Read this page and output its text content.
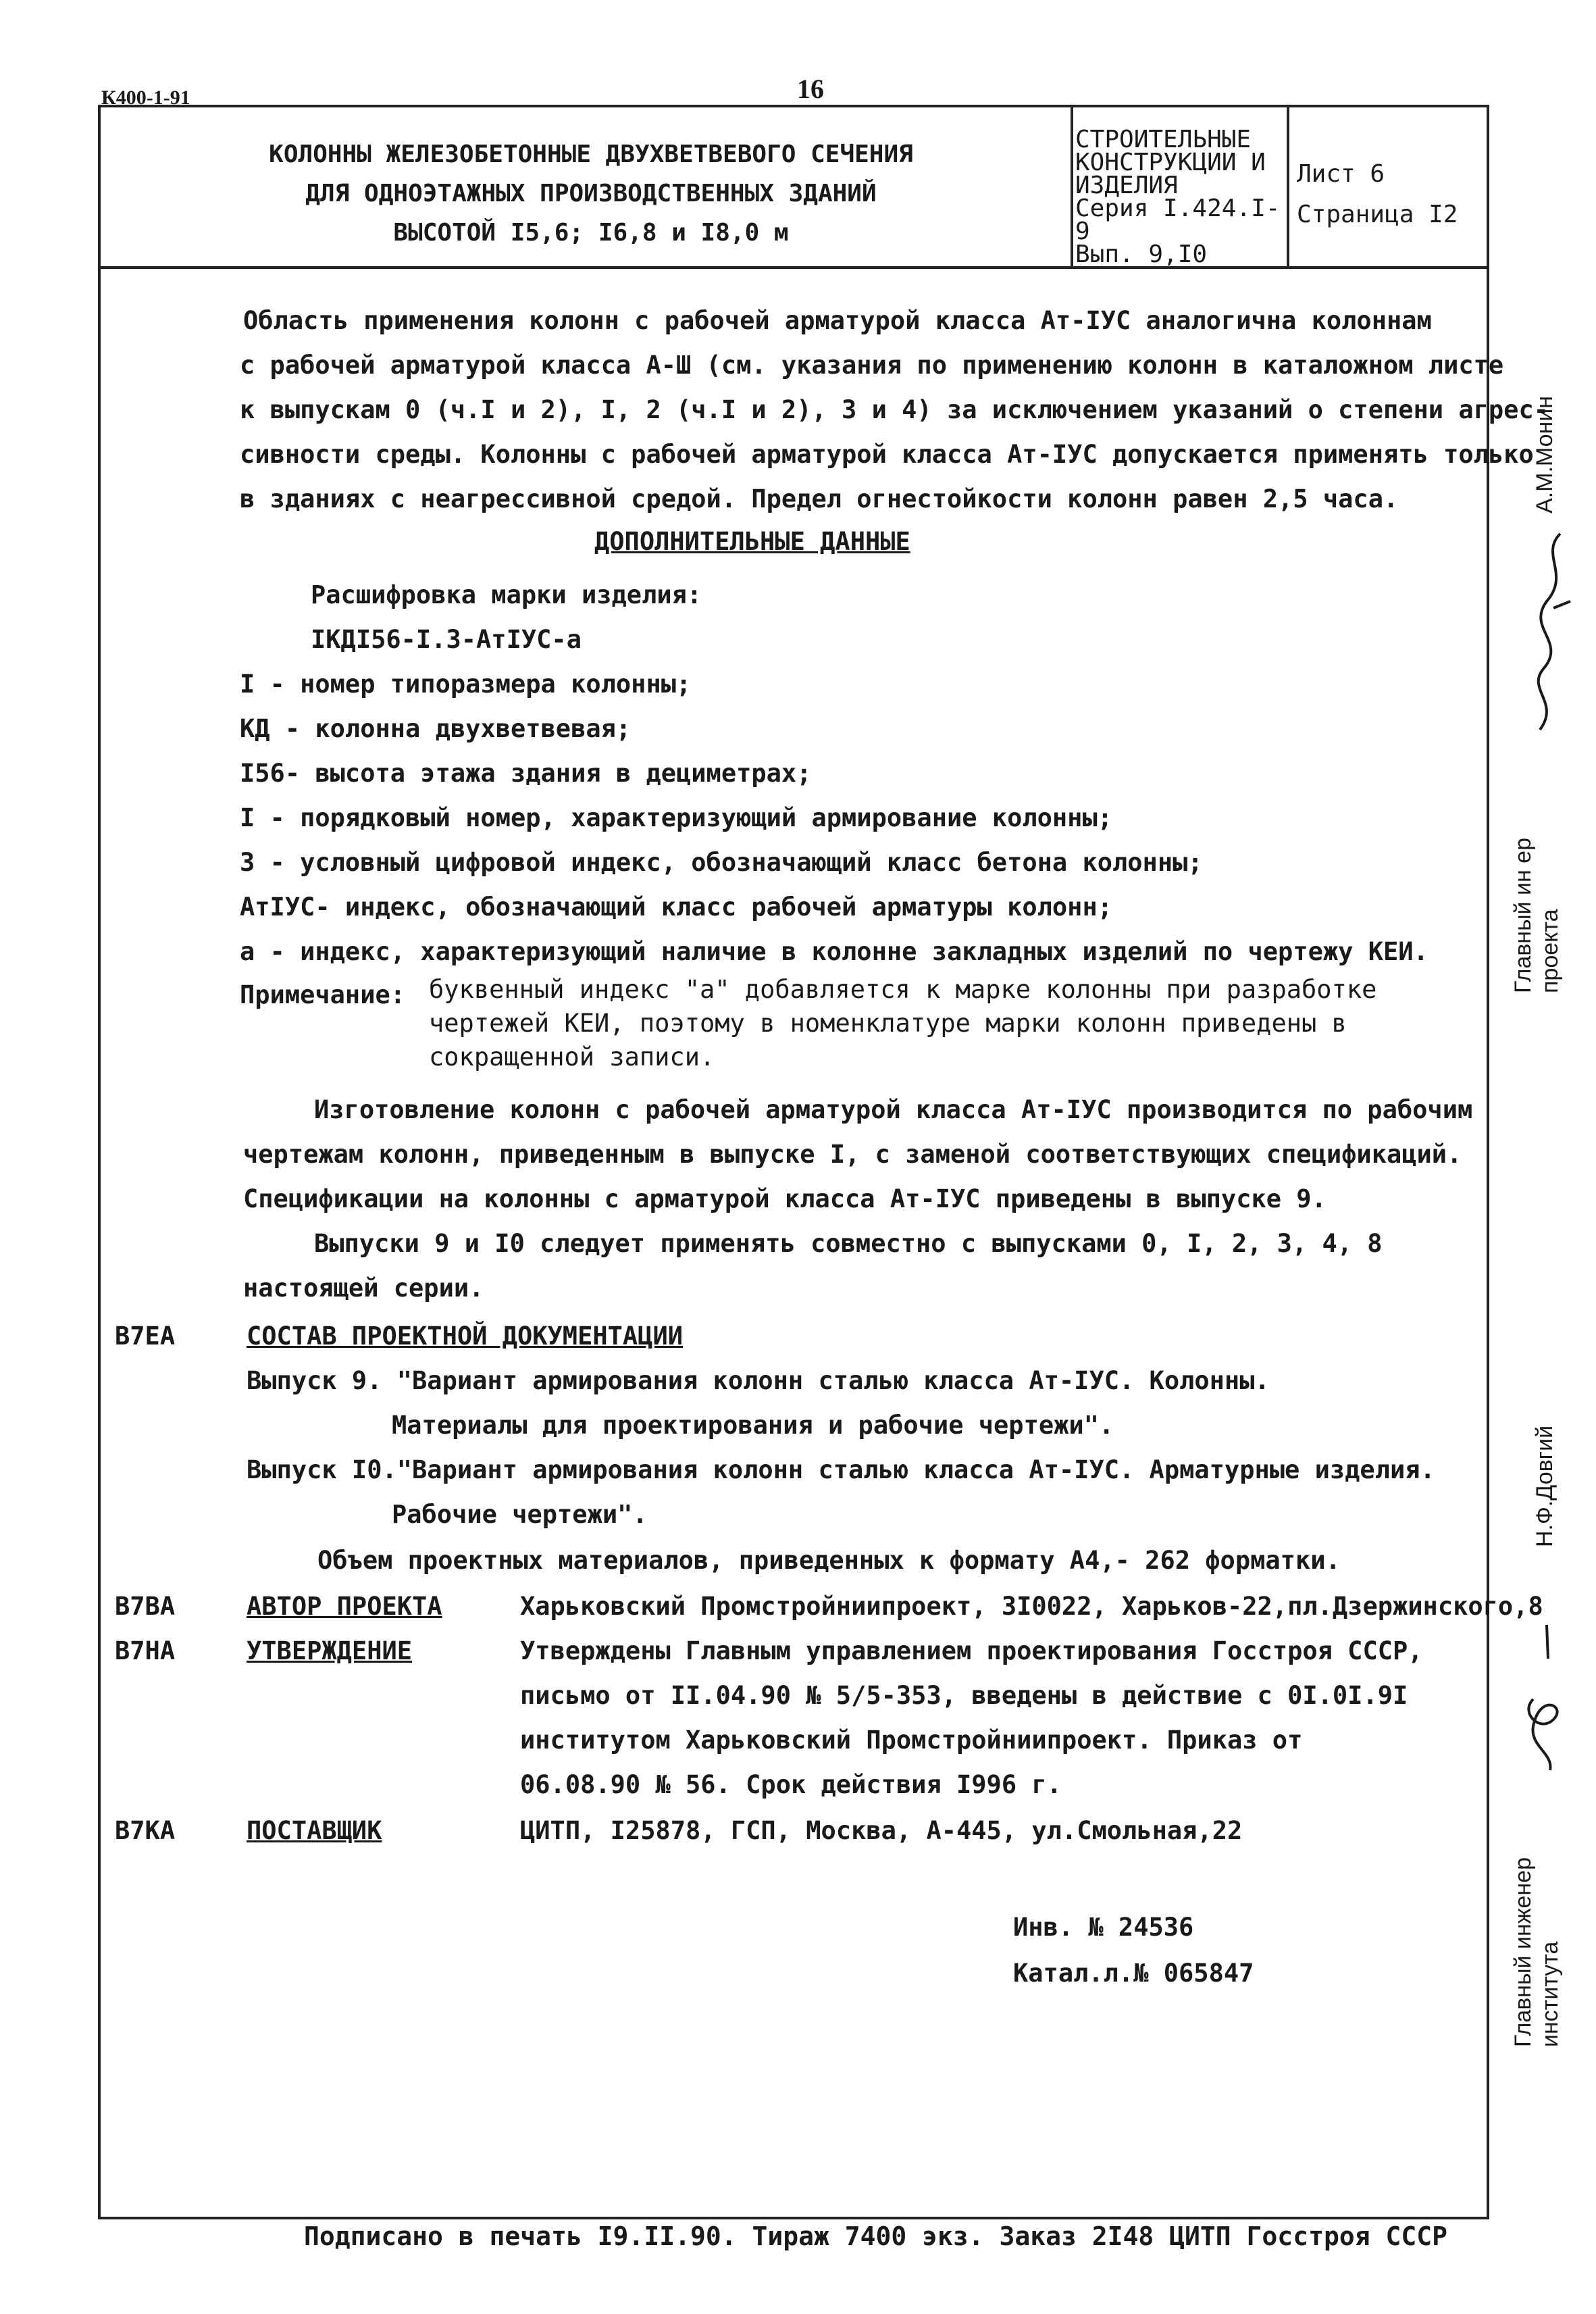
К400-1-91	16
КОЛОННЫ ЖЕЛЕЗОБЕТОННЫЕ ДВУХВЕТВЕВОГО СЕЧЕНИЯ
ДЛЯ ОДНОЭТАЖНЫХ ПРОИЗВОДСТВЕННЫХ ЗДАНИЙ
ВЫСОТОЙ I5,6; I6,8 и I8,0 м
СТРОИТЕЛЬНЫЕ
КОНСТРУКЦИИ И
ИЗДЕЛИЯ
Серия I.424.I-9
Вып. 9,I0
Лист 6
Страница I2
Область применения колонн с рабочей арматурой класса Ат-IУС аналогична колоннам
с рабочей арматурой класса А-Ш (см. указания по применению колонн в каталожном листе
к выпускам 0 (ч.I и 2), I, 2 (ч.I и 2), 3 и 4) за исключением указаний о степени агрес-
сивности среды. Колонны с рабочей арматурой класса Ат-IУС допускается применять только
в зданиях с неагрессивной средой. Предел огнестойкости колонн равен 2,5 часа.
ДОПОЛНИТЕЛЬНЫЕ ДАННЫЕ
Расшифровка марки изделия:
IКДI56-I.3-АтIУС-а
I - номер типоразмера колонны;
КД - колонна двухветвевая;
I56- высота этажа здания в дециметрах;
I - порядковый номер, характеризующий армирование колонны;
3 - условный цифровой индекс, обозначающий класс бетона колонны;
АтIУС- индекс, обозначающий класс рабочей арматуры колонн;
а - индекс, характеризующий наличие в колонне закладных изделий по чертежу КЕИ.
Примечание: буквенный индекс "а" добавляется к марке колонны при разработке
чертежей КЕИ, поэтому в номенклатуре марки колонн приведены в
сокращенной записи.
Изготовление колонн с рабочей арматурой класса Ат-IУС производится по рабочим
чертежам колонн, приведенным в выпуске I, с заменой соответствующих спецификаций.
Спецификации на колонны с арматурой класса Ат-IУС приведены в выпуске 9.
Выпуски 9 и I0 следует применять совместно с выпусками 0, I, 2, 3, 4, 8
настоящей серии.
В7ЕА	СОСТАВ ПРОЕКТНОЙ ДОКУМЕНТАЦИИ
Выпуск 9. "Вариант армирования колонн сталью класса Ат-IУС. Колонны.
Материалы для проектирования и рабочие чертежи".
Выпуск I0."Вариант армирования колонн сталью класса Ат-IУС. Арматурные изделия.
Рабочие чертежи".
Объем проектных материалов, приведенных к формату А4,- 262 форматки.
В7ВА	АВТОР ПРОЕКТА	Харьковский Промстройниипроект, 3I0022, Харьков-22,пл.Дзержинского,8
В7НА	УТВЕРЖДЕНИЕ	Утверждены Главным управлением проектирования Госстроя СССР,
письмо от II.04.90 № 5/5-353, введены в действие с 0I.0I.9I
институтом Харьковский Промстройниипроект. Приказ от
06.08.90 № 56. Срок действия I996 г.
В7КА	ПОСТАВЩИК	ЦИТП, I25878, ГСП, Москва, А-445, ул.Смольная,22
Инв. № 24536
Катал.л.№ 065847
А.М.Монин
Главный ин ер проекта
Н.Ф.Довгий
Главный инженер института
Подписано в печать I9.II.90. Тираж 7400 экз. Заказ 2I48 ЦИТП Госстроя СССР
